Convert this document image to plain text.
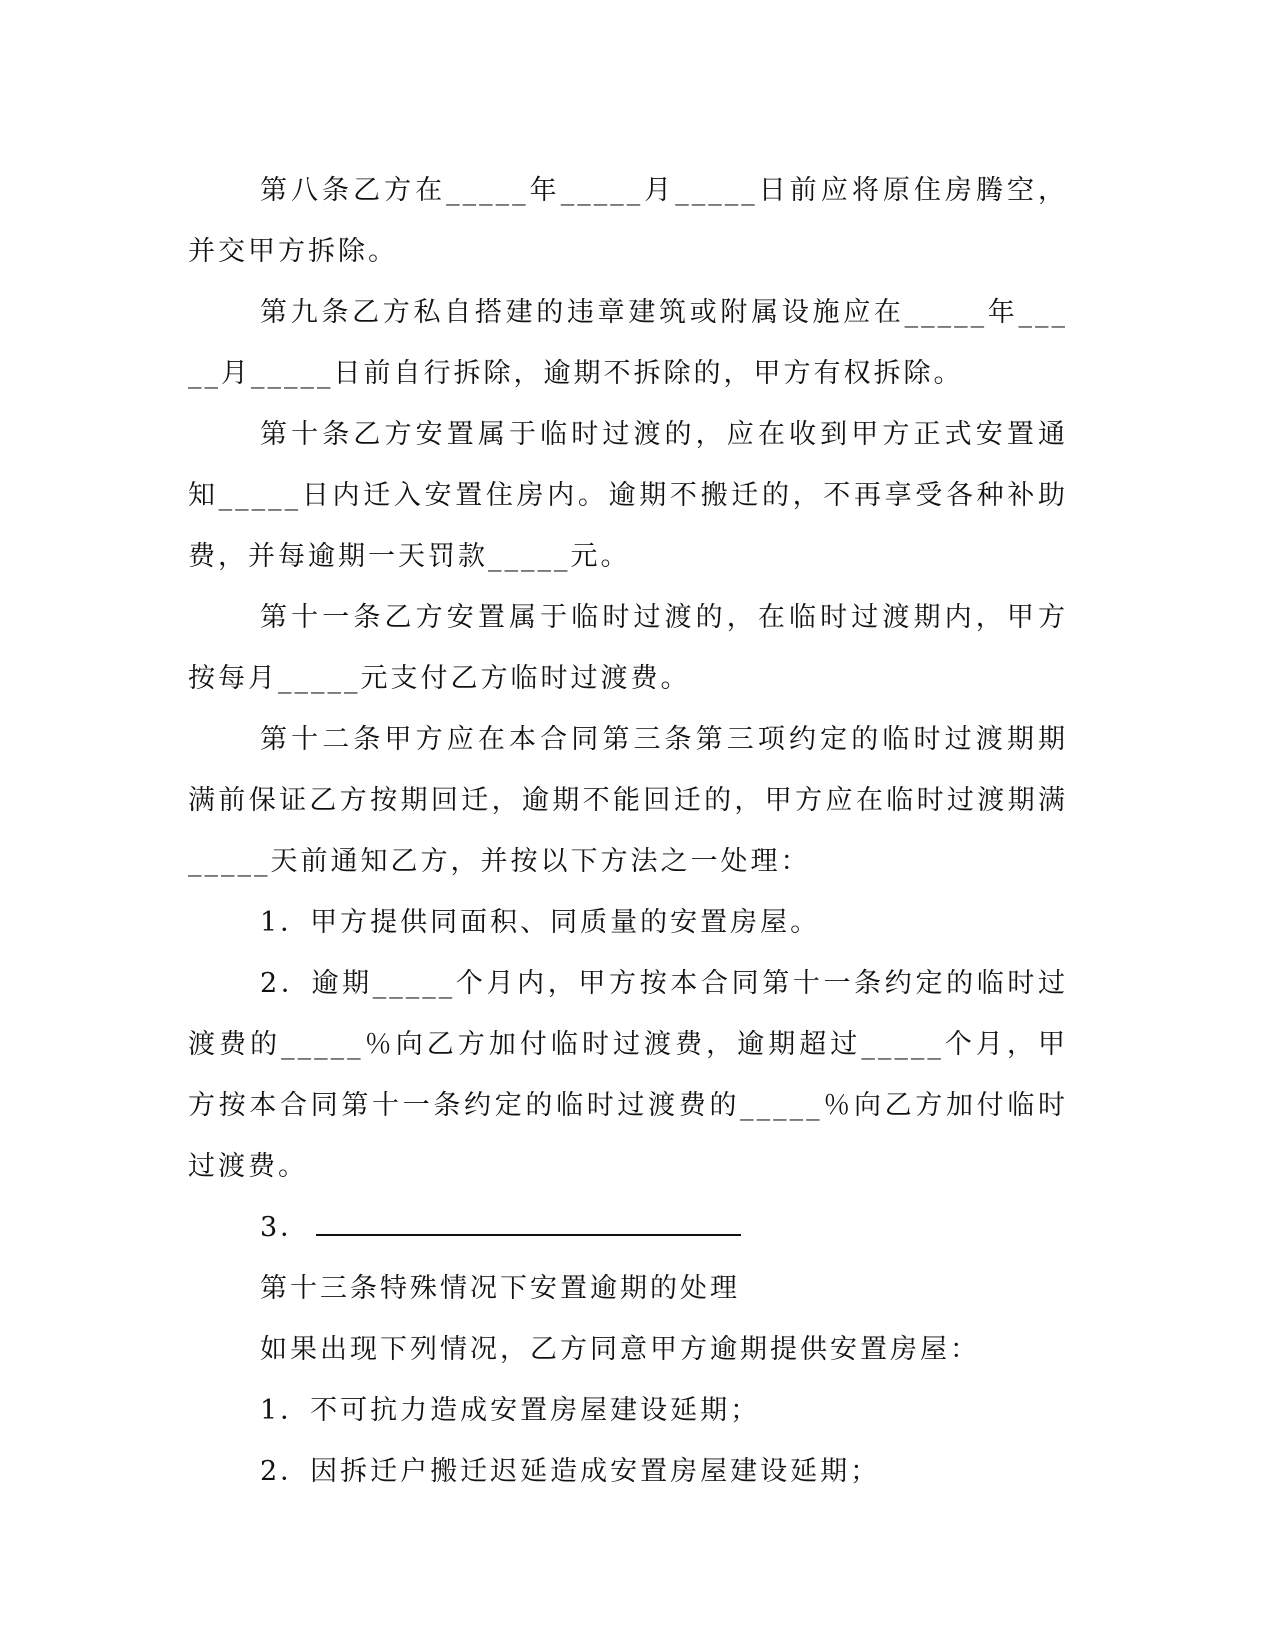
第八条乙方在_____年_____月_____日前应将原住房腾空，并交甲方拆除。

第九条乙方私自搭建的违章建筑或附属设施应在_____年_____月_____日前自行拆除，逾期不拆除的，甲方有权拆除。

第十条乙方安置属于临时过渡的，应在收到甲方正式安置通知_____日内迁入安置住房内。逾期不搬迁的，不再享受各种补助费，并每逾期一天罚款_____元。

第十一条乙方安置属于临时过渡的，在临时过渡期内，甲方按每月_____元支付乙方临时过渡费。

第十二条甲方应在本合同第三条第三项约定的临时过渡期期满前保证乙方按期回迁，逾期不能回迁的，甲方应在临时过渡期满_____天前通知乙方，并按以下方法之一处理：

1．甲方提供同面积、同质量的安置房屋。

2．逾期_____个月内，甲方按本合同第十一条约定的临时过渡费的_____％向乙方加付临时过渡费，逾期超过_____个月，甲方按本合同第十一条约定的临时过渡费的_____％向乙方加付临时过渡费。

3．

第十三条特殊情况下安置逾期的处理

如果出现下列情况，乙方同意甲方逾期提供安置房屋：

1．不可抗力造成安置房屋建设延期；

2．因拆迁户搬迁迟延造成安置房屋建设延期；
